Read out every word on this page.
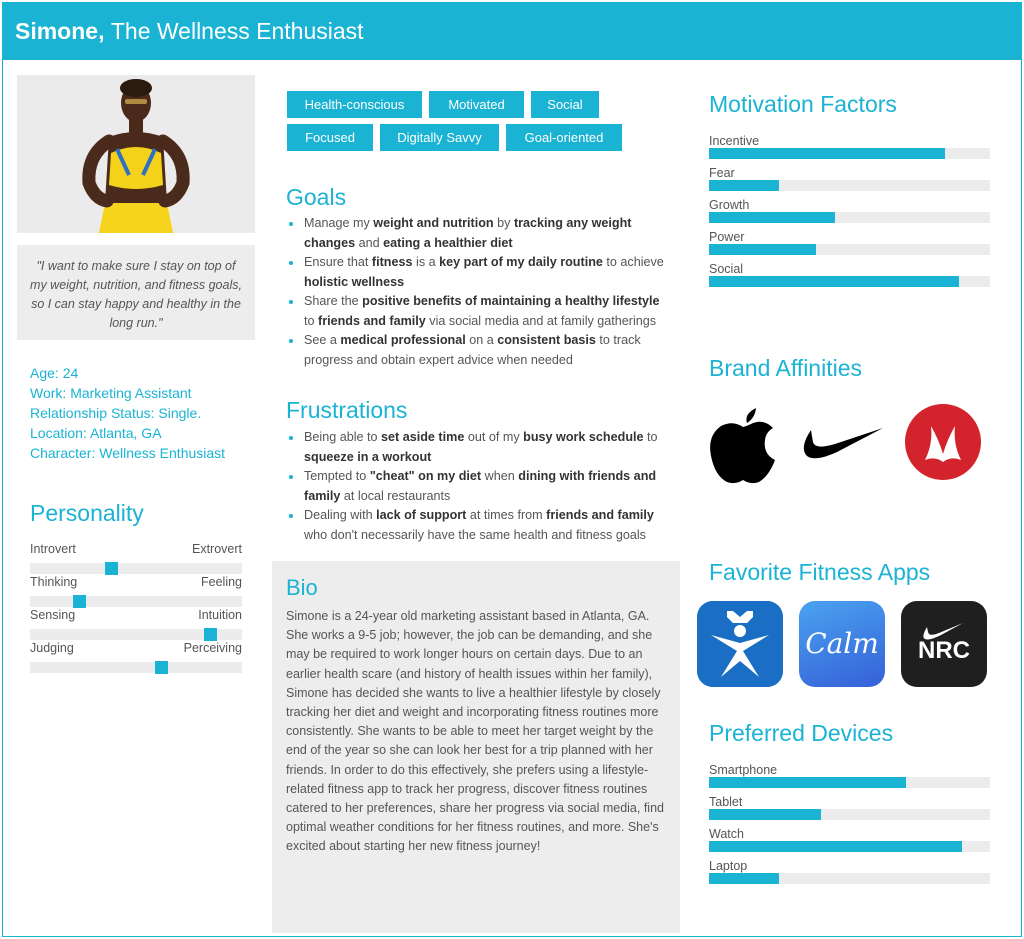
Simone, The Wellness Enthusiast
"I want to make sure I stay on top of my weight, nutrition, and fitness goals, so I can stay happy and healthy in the long run."
Age: 24
Work: Marketing Assistant
Relationship Status: Single.
Location: Atlanta, GA
Character: Wellness Enthusiast
Personality
Introvert	Extrovert
Thinking	Feeling
Sensing	Intuition
Judging	Perceiving
Health-conscious	Motivated	Social
Focused	Digitally Savvy	Goal-oriented
Goals
Manage my weight and nutrition by tracking any weight changes and eating a healthier diet
Ensure that fitness is a key part of my daily routine to achieve holistic wellness
Share the positive benefits of maintaining a healthy lifestyle to friends and family via social media and at family gatherings
See a medical professional on a consistent basis to track progress and obtain expert advice when needed
Frustrations
Being able to set aside time out of my busy work schedule to squeeze in a workout
Tempted to "cheat" on my diet when dining with friends and family at local restaurants
Dealing with lack of support at times from friends and family who don't necessarily have the same health and fitness goals
Bio

Simone is a 24-year old marketing assistant based in Atlanta, GA. She works a 9-5 job; however, the job can be demanding, and she may be required to work longer hours on certain days. Due to an earlier health scare (and history of health issues within her family), Simone has decided she wants to live a healthier lifestyle by closely tracking her diet and weight and incorporating fitness routines more consistently. She wants to be able to meet her target weight by the end of the year so she can look her best for a trip planned with her friends. In order to do this effectively, she prefers using a lifestyle-related fitness app to track her progress, discover fitness routines catered to her preferences, share her progress via social media, find optimal weather conditions for her fitness routines, and more. She's excited about starting her new fitness journey!

Motivation Factors
Incentive
Fear
Growth
Power
Social
Brand Affinities
Favorite Fitness Apps
Calm	NRC
Preferred Devices
Smartphone
Tablet
Watch
Laptop
